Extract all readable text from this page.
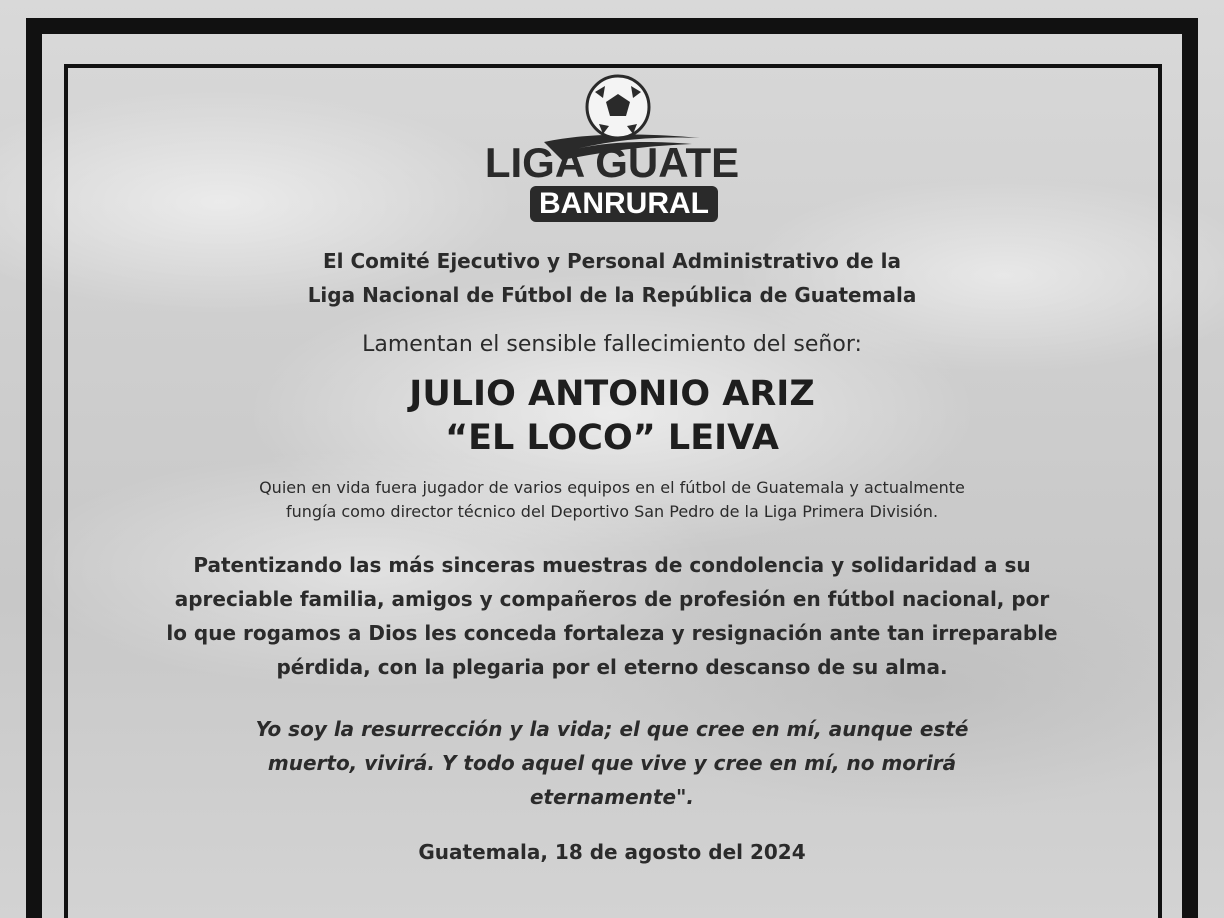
LIGA GUATE
BANRURAL
El Comité Ejecutivo y Personal Administrativo de la
Liga Nacional de Fútbol de la República de Guatemala
Lamentan el sensible fallecimiento del señor:
JULIO ANTONIO ARIZ
“EL LOCO” LEIVA
Quien en vida fuera jugador de varios equipos en el fútbol de Guatemala y actualmente
fungía como director técnico del Deportivo San Pedro de la Liga Primera División.
Patentizando las más sinceras muestras de condolencia y solidaridad a su
apreciable familia, amigos y compañeros de profesión en fútbol nacional, por
lo que rogamos a Dios les conceda fortaleza y resignación ante tan irreparable
pérdida, con la plegaria por el eterno descanso de su alma.
Yo soy la resurrección y la vida; el que cree en mí, aunque esté
muerto, vivirá. Y todo aquel que vive y cree en mí, no morirá
eternamente".
Guatemala, 18 de agosto del 2024
